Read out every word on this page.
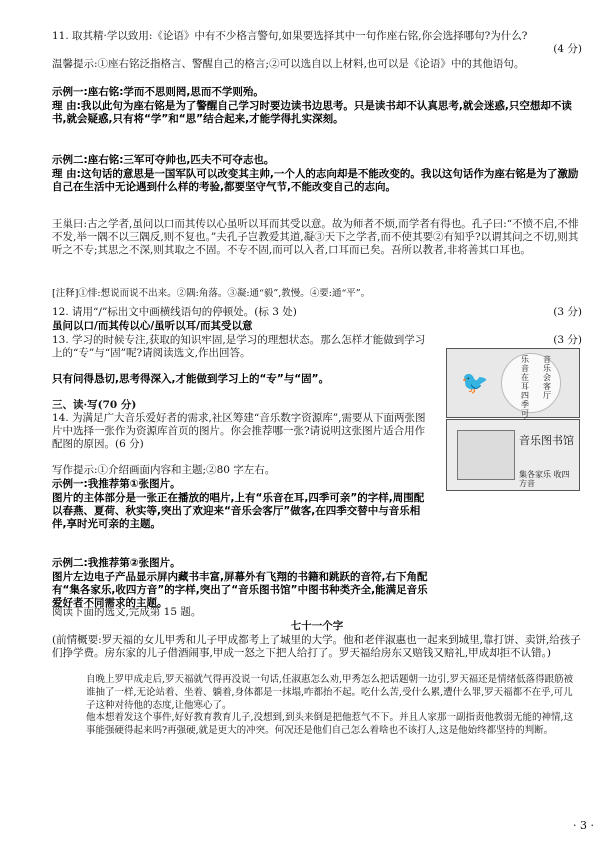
11. 取其精·学以致用:《论语》中有不少格言警句,如果要选择其中一句作座右铭,你会选择哪句?为什么?
(4 分)
温馨提示:①座右铭泛指格言、警醒自己的格言;②可以选自以上材料,也可以是《论语》中的其他语句。
示例一:座右铭:学而不思则罔,思而不学则殆。
理 由:我以此句为座右铭是为了警醒自己学习时要边读书边思考。只是读书却不认真思考,就会迷惑,只空想却不读书,就会疑惑,只有将“学”和“思”结合起来,才能学得扎实深刻。
示例二:座右铭:三军可夺帅也,匹夫不可夺志也。
理 由:这句话的意思是一国军队可以改变其主帅,一个人的志向却是不能改变的。我以这句话作为座右铭是为了激励自己在生活中无论遇到什么样的考验,都要坚守气节,不能改变自己的志向。
王巢曰:古之学者,虽问以口而其传以心虽听以耳而其受以意。故为师者不烦,而学者有得也。孔子曰:“不愤不启,不悱不发,举一隅不以三隅反,则不复也。”夫孔子岂教爱其道,凝③天下之学者,而不使其要②有知乎?以谓其问之不切,则其听之不专;其思之不深,则其取之不固。不专不固,而可以入者,口耳而已矣。吾所以教者,非将善其口耳也。
[注释]①悱:想说而说不出来。②隅:角落。③凝:通“毅”,教慢。④要:通“平”。
12. 请用“/”标出文中画横线语句的停顿处。(标 3 处)	(3 分)
虽问以口/而其传以心/虽听以耳/而其受以意
13. 学习的时候专注,获取的知识牢固,是学习的理想状态。那么怎样才能做到学习上的“专”与“固”呢?请阅读选文,作出回答。
(3 分)
只有问得恳切,思考得深入,才能做到学习上的“专”与“固”。
三、读·写(70 分)
14. 为满足广大音乐爱好者的需求,社区筹建“音乐数字资源库”,需要从下面两张图片中选择一张作为资源库首页的图片。你会推荐哪一张?请说明这张图片适合用作配图的原因。(6 分)
写作提示:①介绍画面内容和主题;②80 字左右。
示例一:我推荐第①张图片。
图片的主体部分是一张正在播放的唱片,上有“乐音在耳,四季可亲”的字样,周围配以春燕、夏荷、秋实等,突出了欢迎来“音乐会客厅”做客,在四季交替中与音乐相伴,享时光可亲的主题。
示例二:我推荐第②张图片。
图片左边电子产品显示屏内藏书丰富,屏幕外有飞翔的书籍和跳跃的音符,右下角配有“集各家乐,收四方音”的字样,突出了“音乐图书馆”中图书种类齐全,能满足音乐爱好者不同需求的主题。
🐦
音乐会客厅
乐音在耳 四季可
音乐图书馆
集各家乐 收四方音
阅读下面的选文,完成第 15 题。
七十一个字
(前情概要:罗天福的女儿甲秀和儿子甲成都考上了城里的大学。他和老伴淑惠也一起来到城里,靠打饼、卖饼,给孩子们挣学费。房东家的儿子借酒闹事,甲成一怒之下把人给打了。罗天福给房东又赔钱又赔礼,甲成却拒不认错。)
自晚上罗甲成走后,罗天福就气得再没说一句话,任淑惠怎么劝,甲秀怎么把话题朝一边引,罗天福还是情绪低落得跟筋被谁抽了一样,无论站着、坐着、躺着,身体都是一抹塌,咋都抬不起。吃什么苦,受什么累,遭什么罪,罗天福都不在乎,可儿子这种对待他的态度,让他寒心了。
他本想着发这个事件,好好教育教育儿子,没想到,到头来倒是把他惹气不下。并且人家那一副指责他教弱无能的神情,这事能强硬得起来吗?再强硬,就是更大的冲突。何况还是他们自己怎么着啥也不该打人,这是他始终都坚持的判断。
· 3 ·
